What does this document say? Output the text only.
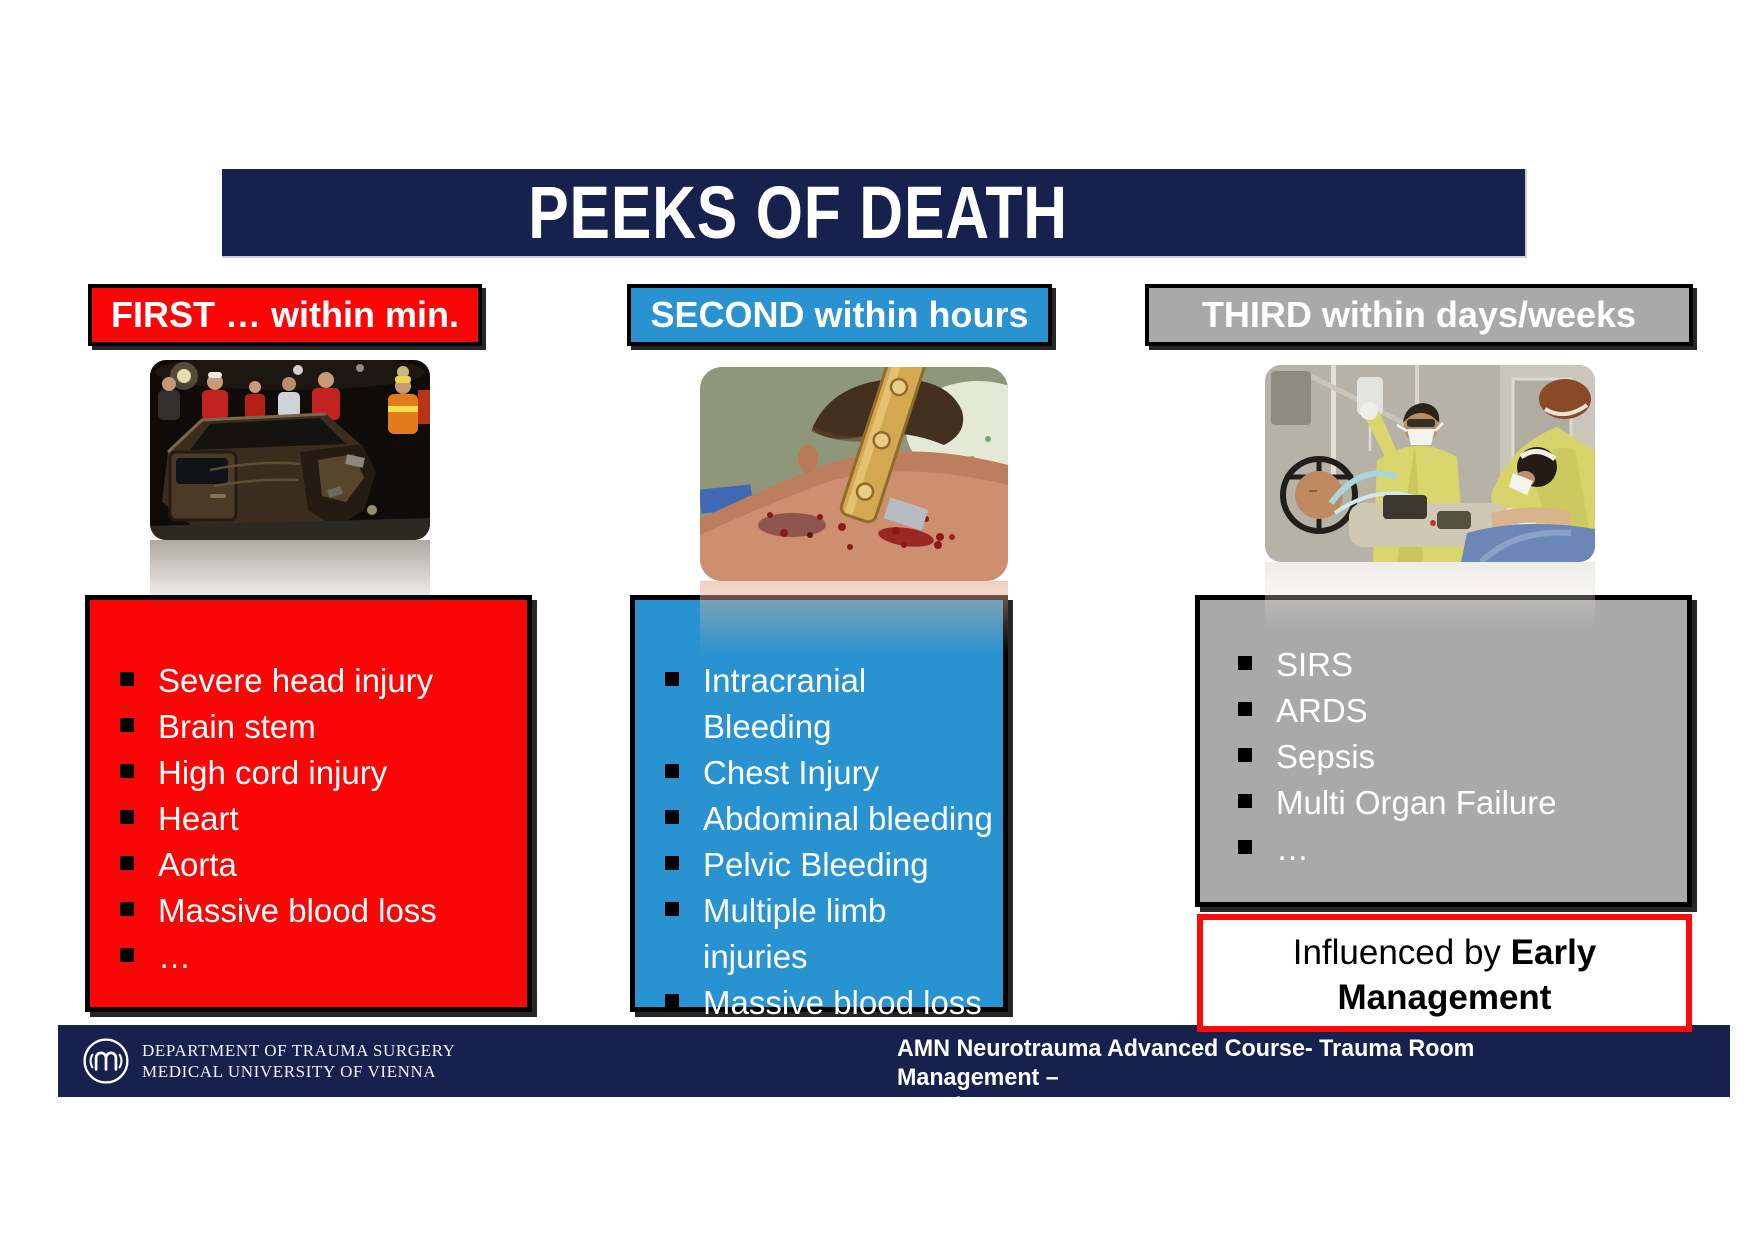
PEEKS OF DEATH
FIRST … within min.	SECOND within hours	THIRD within days/weeks
Severe head injury
Brain stem
High cord injury
Heart
Aorta
Massive blood loss
…
Intracranial Bleeding
Chest Injury
Abdominal bleeding
Pelvic Bleeding
Multiple limb injuries
Massive blood loss
SIRS
ARDS
Sepsis
Multi Organ Failure
…
Influenced by Early Management
DEPARTMENT OF TRAUMA SURGERY
MEDICAL UNIVERSITY OF VIENNA
AMN Neurotrauma Advanced Course- Trauma Room Management –
Hanoi, 2025
